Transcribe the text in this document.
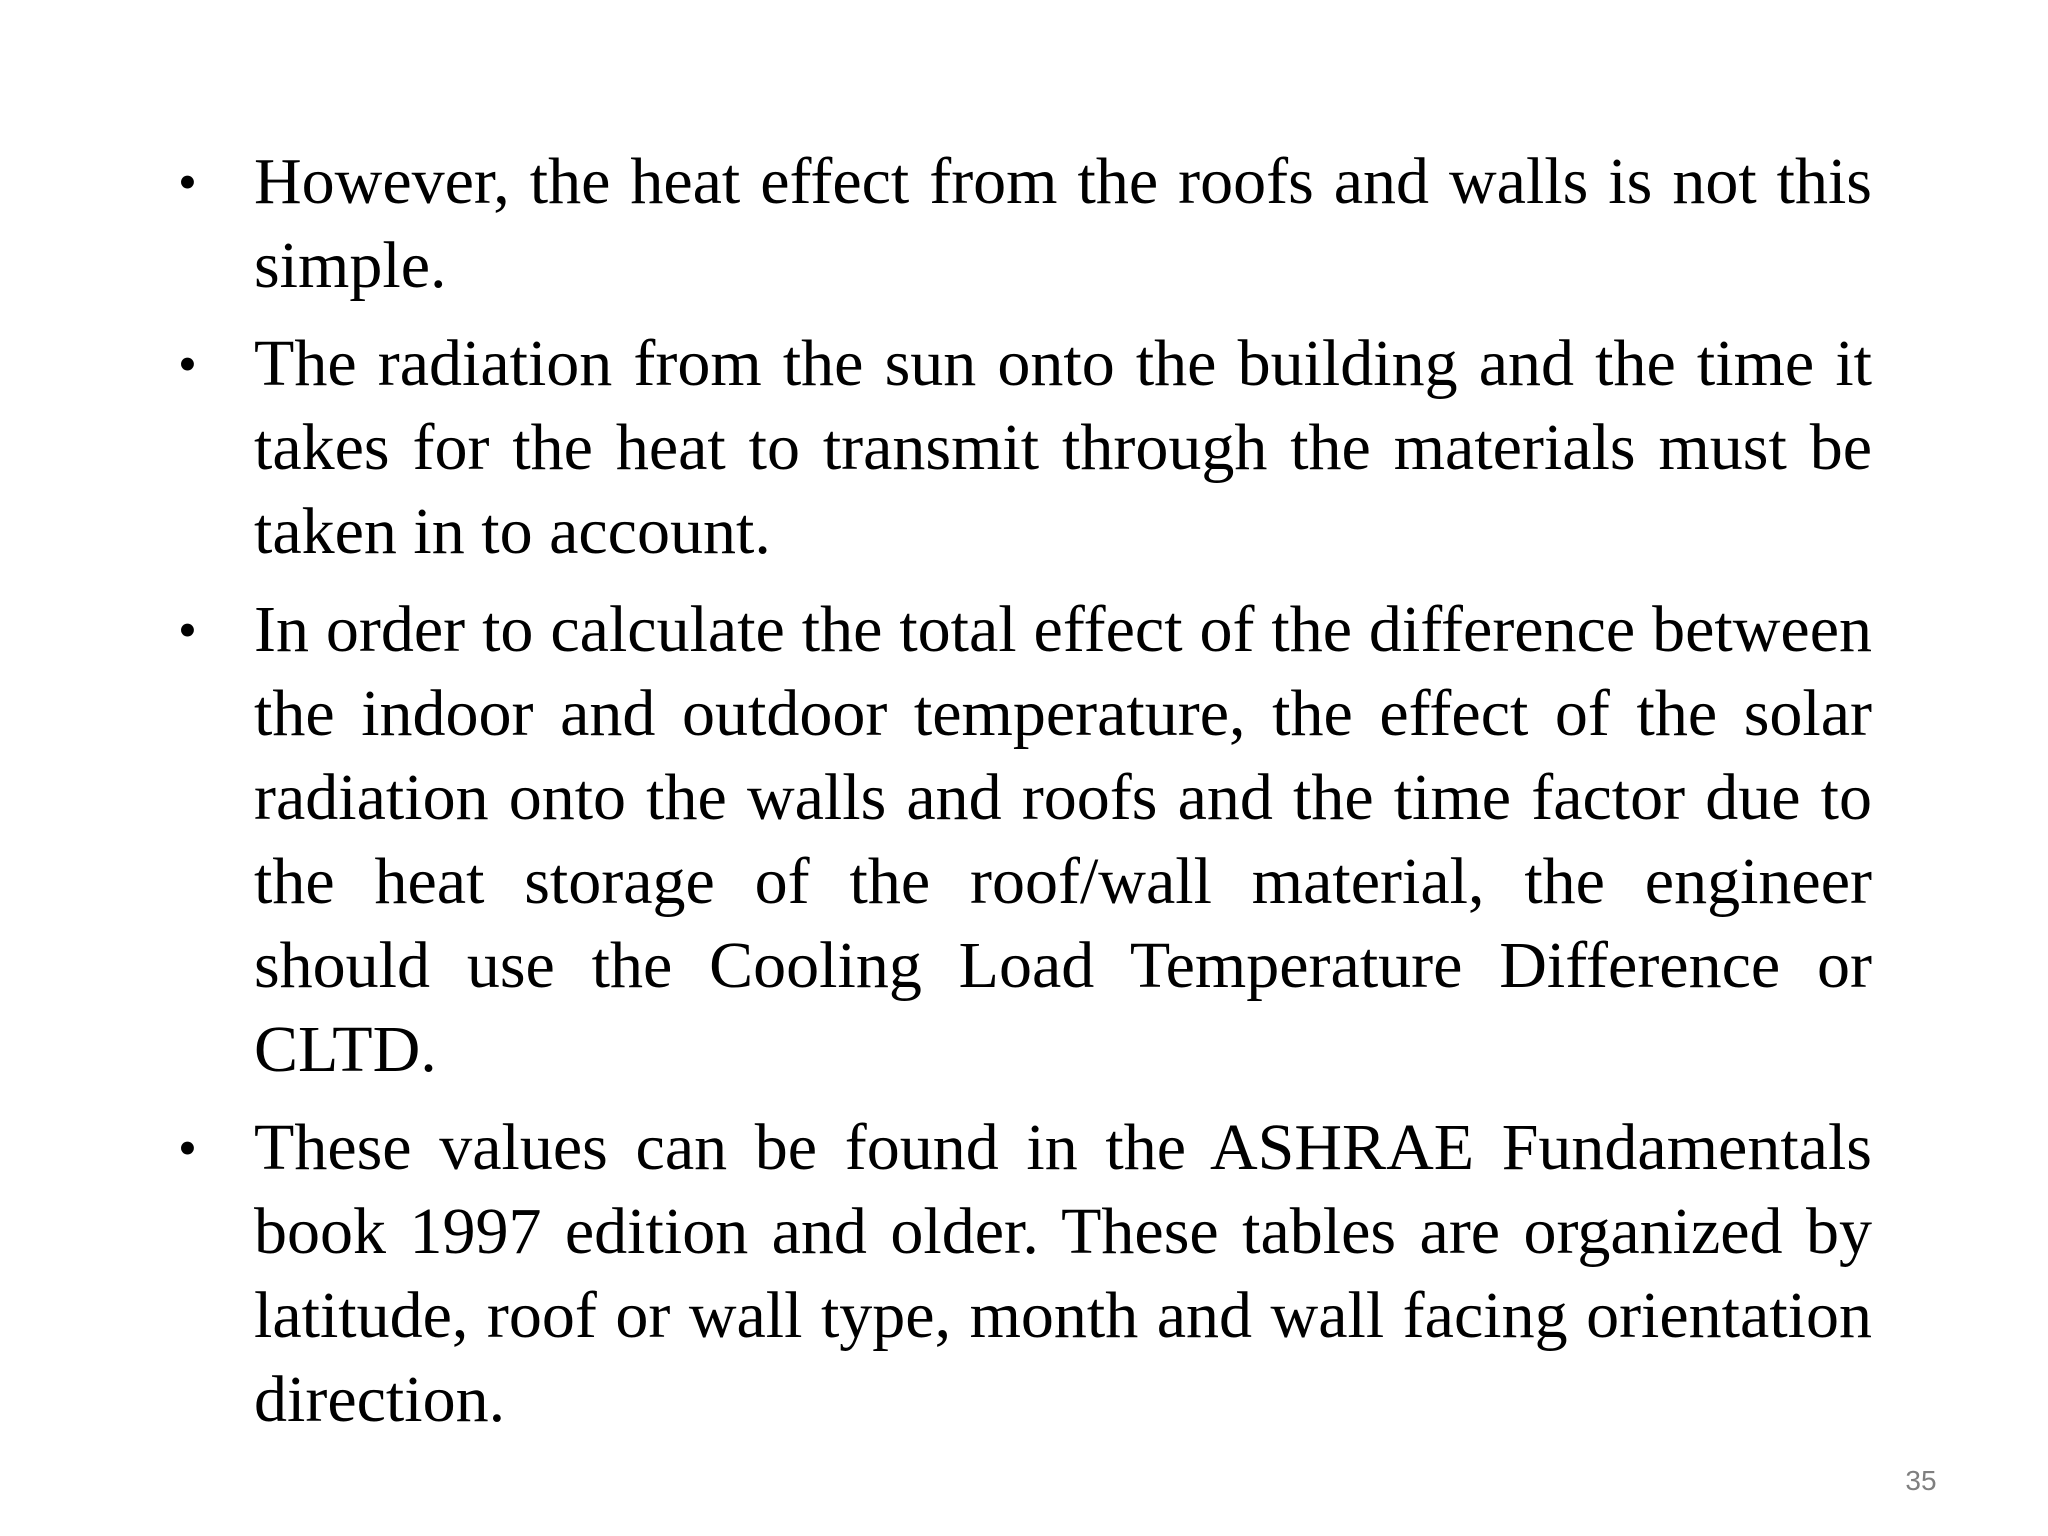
• However, the heat effect from the roofs and walls is not this simple.
• The radiation from the sun onto the building and the time it takes for the heat to transmit through the materials must be taken in to account.
• In order to calculate the total effect of the difference between the indoor and outdoor temperature, the effect of the solar radiation onto the walls and roofs and the time factor due to the heat storage of the roof/wall material, the engineer should use the Cooling Load Temperature Difference or CLTD.
• These values can be found in the ASHRAE Fundamentals book 1997 edition and older. These tables are organized by latitude, roof or wall type, month and wall facing orientation direction.
35
